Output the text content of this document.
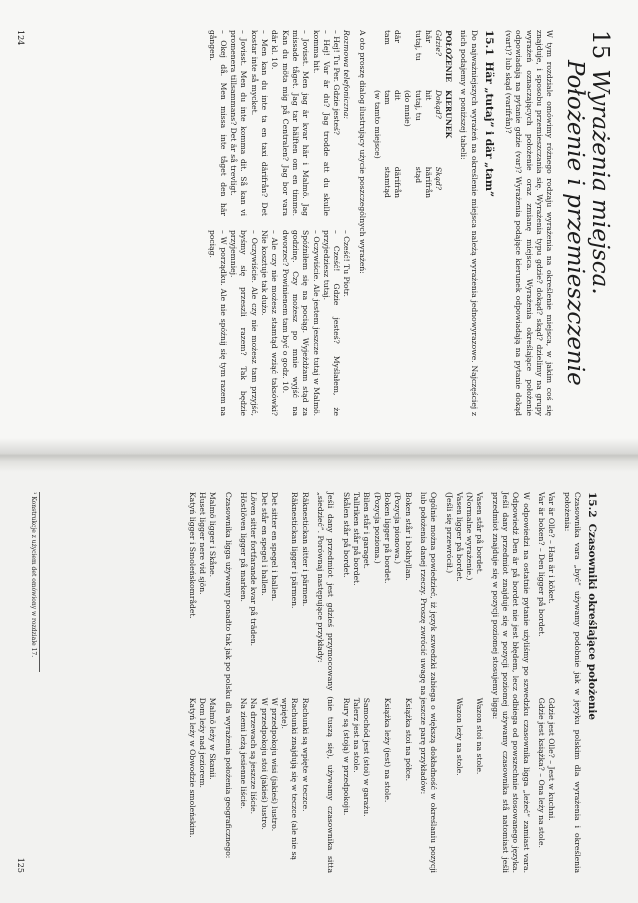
15Wyrażenia miejsca.
Położenie i przemieszczenie

W tym rozdziale omówimy różnego rodzaju wyrażenia na określenie miejsca, w jakim coś się znajduje, i sposobu przemieszczania się. Wyrażenia typu gdzie? dokąd? skąd? dzielimy na grupy wyrażeń oznaczających położenie oraz zmianę miejsca. Wyrażenia określające położenie odpowiadają na pytanie gdzie (var)? Wyrażenia podające kierunek odpowiadają na pytanie dokąd (vart)? lub skąd (varifrån)?

15.1Här „tutaj” i där „tam”

Do najważniejszych wyrażeń na określenie miejsca należą wyrażenia jednowyrazowe. Najczęściej z nich podajemy w poniższej tabeli:

POŁOŻENIE	KIERUNEK	
Gdzie?	Dokąd?	Skąd?
här	hit	härifrån
tutaj, tu	tutaj, tu	stąd
	(do mnie)	
där	dit	därifrån
tam	tam	stamtąd
	(w tamto miejsce)	

A oto proszę dialog ilustrujący użycie poszczególnych wyrażeń:

Rozmowa telefoniczna:

– Hej! Tu Per. Gdzie jesteś?

– Hej! Var är du? Jag trodde att du skulle komma hit.

– Jovisst. Men jag är kvar här i Malmö. Jag missade tåget. Jag tar hälften om en timme. Kan du möta mig på Centralen? Jag bor vara där kl. 10.

– Men kan du inte ta en taxi därifrån? Det kostar inte så mycket.

– Jovisst. Men du inte komma dit. Så kan vi promenera tillsammans? Det är så trevligt.

– Okej då. Men missa inte tåget den här gången.

– Cześć! Tu Piotr.

– Cześć! Gdzie jesteś? Myślałem, że przyjedziesz tutaj.

– Oczywiście. Ale jestem jeszcze tutaj w Malmö. Spóźniłem się na pociąg. Wyjeżdżam stąd za godzinę. Czy możesz po mnie wyjść na dworzec? Powinienem tam być o godz. 10.

– Ale czy nie możesz stamtąd wziąć taksówki? Nie kosztuje tak dużo.

– Oczywiście. Ale czy nie możesz tam przyjść, byśmy się przeszli razem? Tak będzie przyjemniej.

– W porządku. Ale nie spóźnij się tym razem na pociąg.

124
15.2Czasowniki określające położenie

Czasownika vara „być” używamy podobnie jak w języku polskim dla wyrażenia i określenia położenia:

Var är Olle? – Han är i köket.
Gdzie jest Olle? – Jest w kuchni.
Var är boken? – Den ligger på bordet.
Gdzie jest książka? – Ona leży na stole.

W odpowiedzi na ostatnie pytanie użyliśmy po szwedzku czasownika ligga „leżeć” zamiast vara. Odpowiedź Den är på bordet nie jest błędem, lecz odbiega od powszechnie stosowanego języka. Jeśli dany przedmiot znajduje się w pozycji poziomej używamy czasownika stå natomiast jeśli przedmiot znajduje się w pozycji poziomej stosujemy ligga:

Vasen står på bordet.
Wazon stoi na stole.
(Normalne wyrażenie.)
Vasen ligger på bordet.
Wazon leży na stole.
(Jeśli się przewrócił.)

Ogólnie można powiedzieć, iż język szwedzki zabiega o większą dokładność w określaniu pozycji lub położenia danej rzeczy. Proszę zwrócić uwagę na jeszcze parę przykładów:

Boken står i bokhyllan.
Książka stoi na półce.
(Pozycja pionowa.)
Boken ligger på bordet.
Książka leży (jest) na stole.
(Pozycja pozioma.)
Bilen står i garaget.
Samochód jest (stoi) w garażu.
Tallriken står på bordet.
Talerz jest na stole.
Skålen står på bordet.
Rury są (stoją) w przedpokoju.

Jeśli dany przedmiot jest gdzieś przymocowany (nie tuszą się), używamy czasownika sitta „siedzieć”. Porównaj następujące przykłady:

Räknestickan sitter i pärmen.
Rachunki są wpięte w teczce.
Räknestickan ligger i pärmen.
Rachunki znajdują się w teczce (ale nie są wpięte).
Det sitter en spegel i hallen.
W przedpokoju wisi (jakieś) lustro.
Det står en spegel i hallen.
W przedpokoju stoi (jakieś) lustro.
Löven sitter fortfarande kvar på träden.
Na drzewach są jeszcze liście.
Höstlöven ligger på marken.
Na ziemi leżą jesienne liście.

Czasownika ligga używamy ponadto tak jak po polsku dla wyrażenia położenia geograficznego:

Malmö ligger i Skåne.
Malmö leży w Skanii.
Huset ligger nere vid sjön.
Dom leży nad jeziorem.
Katyń ligger i Smoleńskområdet.
Katyń leży w Obwodzie smoleńskim.
¹ Konstrukcje z użyciem det omówiony w rozdziale 17.
125
